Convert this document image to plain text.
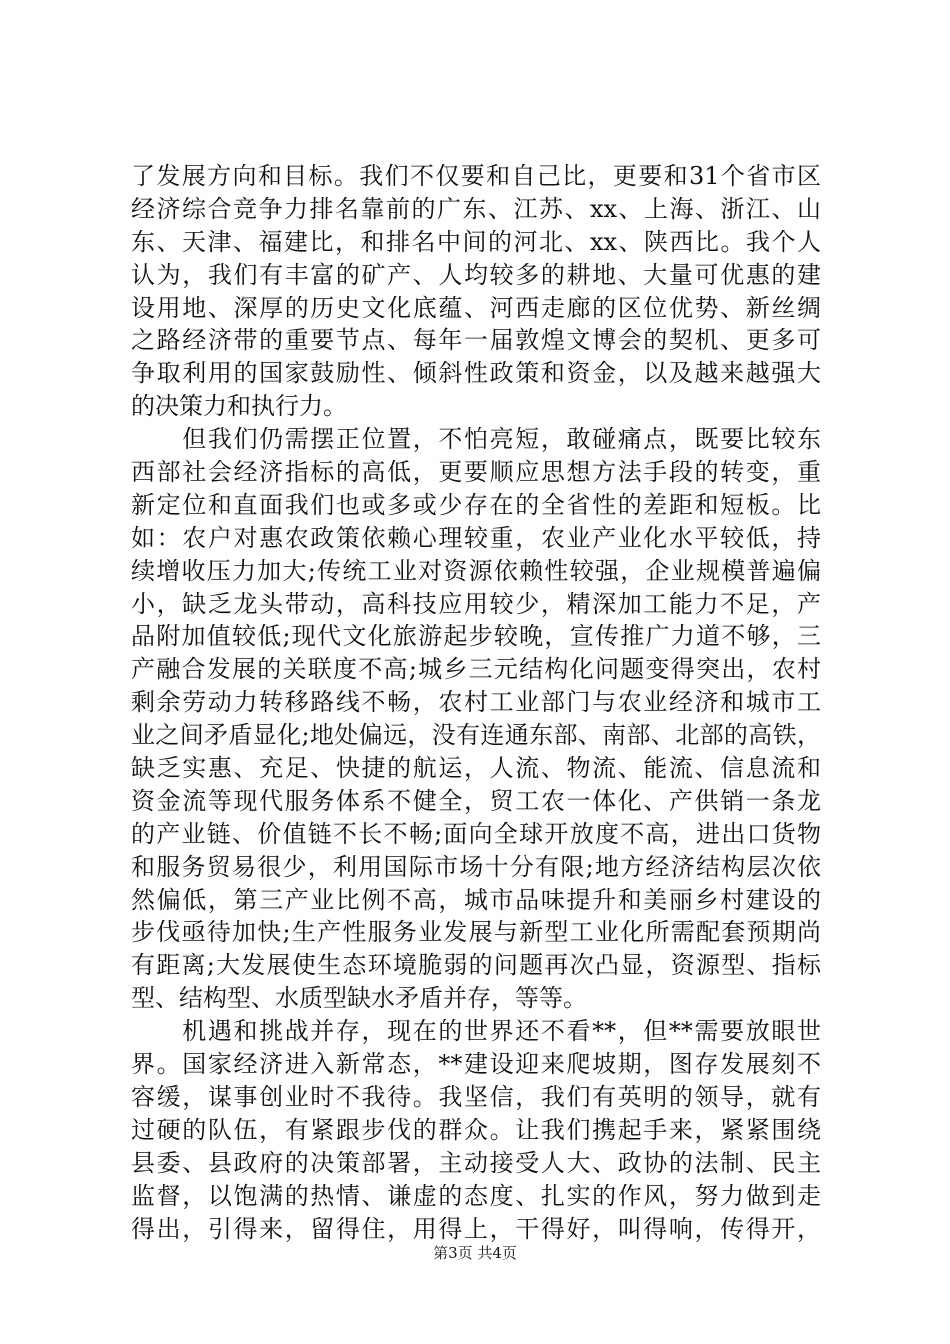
了发展方向和目标。我们不仅要和自己比，更要和31个省市区
经济综合竞争力排名靠前的广东、江苏、xx、上海、浙江、山
东、天津、福建比，和排名中间的河北、xx、陕西比。我个人
认为，我们有丰富的矿产、人均较多的耕地、大量可优惠的建
设用地、深厚的历史文化底蕴、河西走廊的区位优势、新丝绸
之路经济带的重要节点、每年一届敦煌文博会的契机、更多可
争取利用的国家鼓励性、倾斜性政策和资金，以及越来越强大
的决策力和执行力。
　　但我们仍需摆正位置，不怕亮短，敢碰痛点，既要比较东
西部社会经济指标的高低，更要顺应思想方法手段的转变，重
新定位和直面我们也或多或少存在的全省性的差距和短板。比
如：农户对惠农政策依赖心理较重，农业产业化水平较低，持
续增收压力加大;传统工业对资源依赖性较强，企业规模普遍偏
小，缺乏龙头带动，高科技应用较少，精深加工能力不足，产
品附加值较低;现代文化旅游起步较晚，宣传推广力道不够，三
产融合发展的关联度不高;城乡三元结构化问题变得突出，农村
剩余劳动力转移路线不畅，农村工业部门与农业经济和城市工
业之间矛盾显化;地处偏远，没有连通东部、南部、北部的高铁，
缺乏实惠、充足、快捷的航运，人流、物流、能流、信息流和
资金流等现代服务体系不健全，贸工农一体化、产供销一条龙
的产业链、价值链不长不畅;面向全球开放度不高，进出口货物
和服务贸易很少，利用国际市场十分有限;地方经济结构层次依
然偏低，第三产业比例不高，城市品味提升和美丽乡村建设的
步伐亟待加快;生产性服务业发展与新型工业化所需配套预期尚
有距离;大发展使生态环境脆弱的问题再次凸显，资源型、指标
型、结构型、水质型缺水矛盾并存，等等。
　　机遇和挑战并存，现在的世界还不看**，但**需要放眼世
界。国家经济进入新常态，**建设迎来爬坡期，图存发展刻不
容缓，谋事创业时不我待。我坚信，我们有英明的领导，就有
过硬的队伍，有紧跟步伐的群众。让我们携起手来，紧紧围绕
县委、县政府的决策部署，主动接受人大、政协的法制、民主
监督，以饱满的热情、谦虚的态度、扎实的作风，努力做到走
得出，引得来，留得住，用得上，干得好，叫得响，传得开，
第3页 共4页
